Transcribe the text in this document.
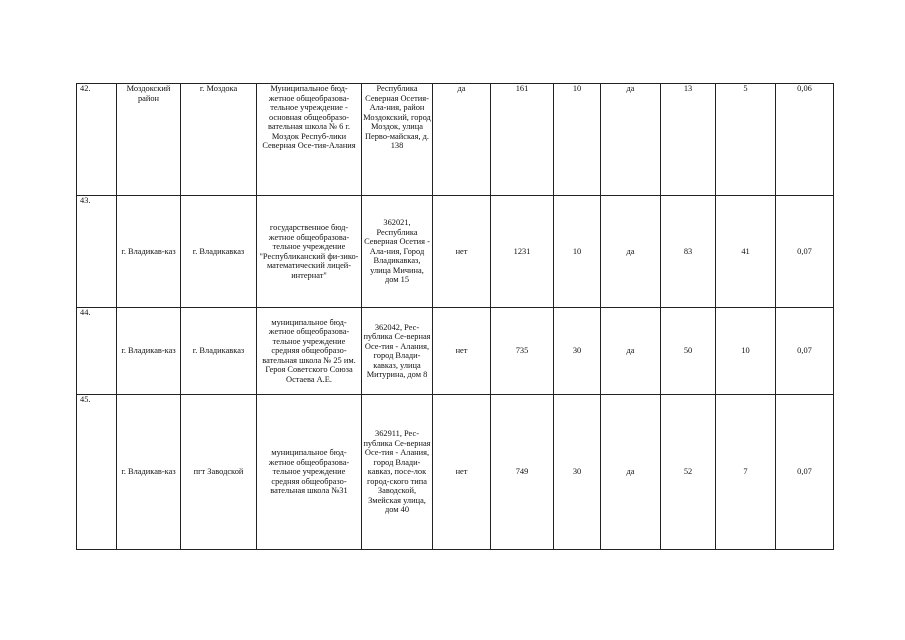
42.	Моздокский район	г. Моздока	Муниципальное бюд-жетное общеобразова-тельное учреждение - основная общеобразо-вательная школа № 6 г. Моздок Респуб-лики Северная Осе-тия-Алания	Республика Северная Осетия-Ала-ния, район Моздокский, город Моздок, улица Перво-майская, д. 138	да	161	10	да	13	5	0,06
43.	г. Владикав-каз	г. Владикавказ	государственное бюд-жетное общеобразова-тельное учреждение "Республиканский фи-зико-математический лицей-интернат"	362021, Республика Северная Осетия - Ала-ния, Город Владикавказ, улица Мичина, дом 15	нет	1231	10	да	83	41	0,07
44.	г. Владикав-каз	г. Владикавказ	муниципальное бюд-жетное общеобразова-тельное учреждение средняя общеобразо-вательная школа № 25 им. Героя Советского Союза Остаева А.Е.	362042, Рес-публика Се-верная Осе-тия - Алания, город Влади-кавказ, улица Митурина, дом 8	нет	735	30	да	50	10	0,07
45.	г. Владикав-каз	пгт Заводской	муниципальное бюд-жетное общеобразова-тельное учреждение средняя общеобразо-вательная школа №31	362911, Рес-публика Се-верная Осе-тия - Алания, город Влади-кавказ, посе-лок город-ского типа Заводской, Змейская улица, дом 40	нет	749	30	да	52	7	0,07
